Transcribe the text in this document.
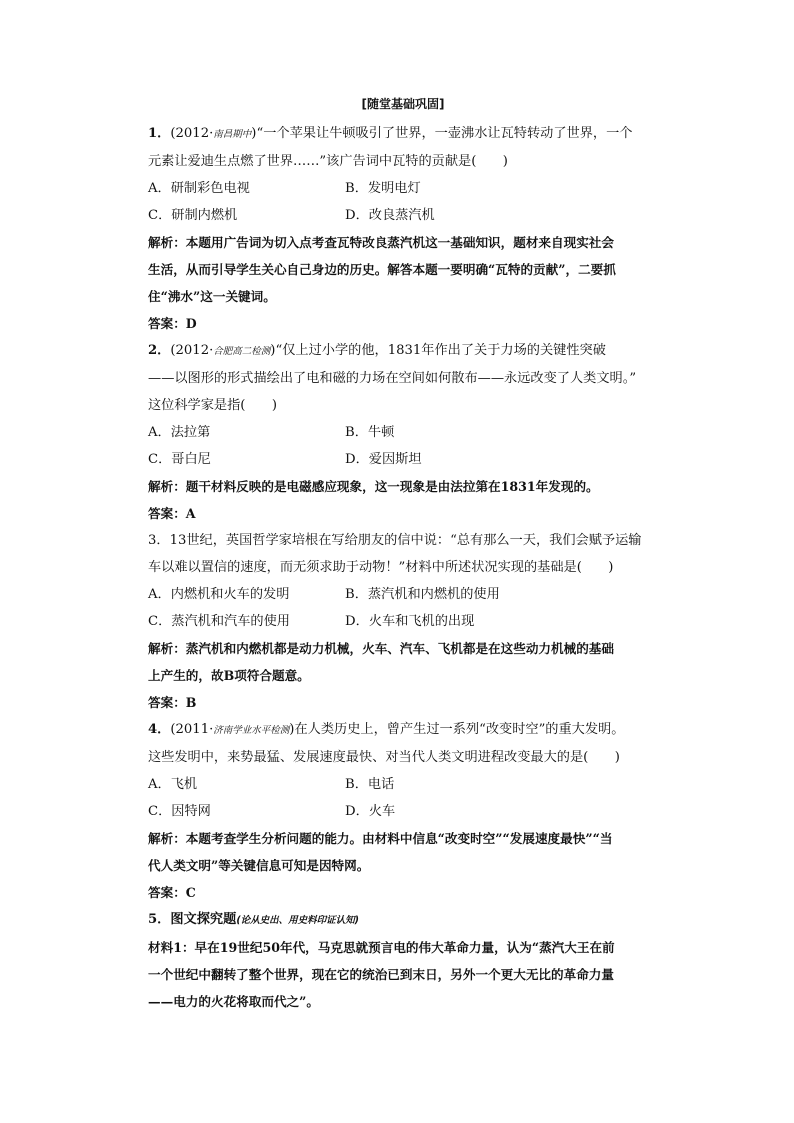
[随堂基础巩固]
1．(2012·南昌期中)“一个苹果让牛顿吸引了世界，一壶沸水让瓦特转动了世界，一个
元素让爱迪生点燃了世界……”该广告词中瓦特的贡献是(　　)
A．研制彩色电视	B．发明电灯
C．研制内燃机	D．改良蒸汽机
解析：本题用广告词为切入点考查瓦特改良蒸汽机这一基础知识，题材来自现实社会
生活，从而引导学生关心自己身边的历史。解答本题一要明确“瓦特的贡献”，二要抓
住“沸水”这一关键词。
答案：D
2．(2012·合肥高二检测)“仅上过小学的他，1831年作出了关于力场的关键性突破
——以图形的形式描绘出了电和磁的力场在空间如何散布——永远改变了人类文明。”
这位科学家是指(　　)
A．法拉第	B．牛顿
C．哥白尼	D．爱因斯坦
解析：题干材料反映的是电磁感应现象，这一现象是由法拉第在1831年发现的。
答案：A
3．13世纪，英国哲学家培根在写给朋友的信中说：“总有那么一天，我们会赋予运输
车以难以置信的速度，而无须求助于动物！”材料中所述状况实现的基础是(　　)
A．内燃机和火车的发明	B．蒸汽机和内燃机的使用
C．蒸汽机和汽车的使用	D．火车和飞机的出现
解析：蒸汽机和内燃机都是动力机械，火车、汽车、飞机都是在这些动力机械的基础
上产生的，故B项符合题意。
答案：B
4．(2011·济南学业水平检测)在人类历史上，曾产生过一系列“改变时空”的重大发明。
这些发明中，来势最猛、发展速度最快、对当代人类文明进程改变最大的是(　　)
A．飞机	B．电话
C．因特网	D．火车
解析：本题考查学生分析问题的能力。由材料中信息“改变时空”“发展速度最快”“当
代人类文明”等关键信息可知是因特网。
答案：C
5．图文探究题(论从史出、用史料印证认知)
材料1：早在19世纪50年代，马克思就预言电的伟大革命力量，认为“蒸汽大王在前
一个世纪中翻转了整个世界，现在它的统治已到末日，另外一个更大无比的革命力量
——电力的火花将取而代之”。
